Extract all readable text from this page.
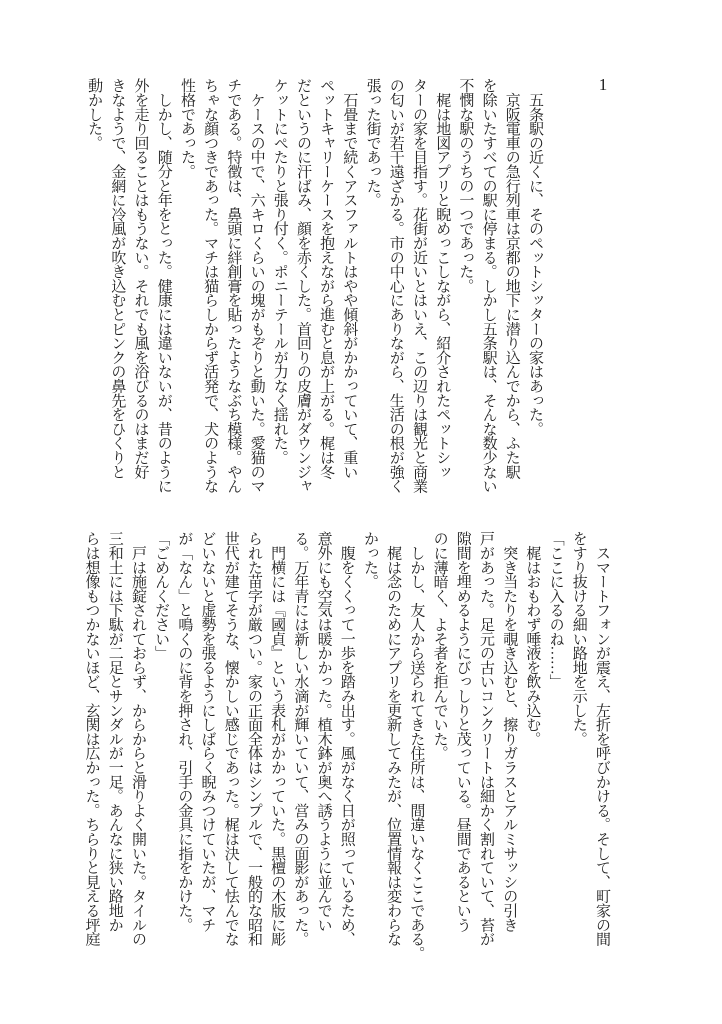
1
　五条駅の近くに、そのペットシッターの家はあった。
　京阪電車の急行列車は京都の地下に潜り込んでから、ふた駅
を除いたすべての駅に停まる。しかし五条駅は、そんな数少ない
不憫な駅のうちの一つであった。
　梶は地図アプリと睨めっこしながら、紹介されたペットシッ
ターの家を目指す。花街が近いとはいえ、この辺りは観光と商業
の匂いが若干遠ざかる。市の中心にありながら、生活の根が強く
張った街であった。
　石畳まで続くアスファルトはやや傾斜がかかっていて、重い
ペットキャリーケースを抱えながら進むと息が上がる。梶は冬
だというのに汗ばみ、顔を赤くした。首回りの皮膚がダウンジャ
ケットにぺたりと張り付く。ポニーテールが力なく揺れた。
　ケースの中で、六キロくらいの塊がもぞりと動いた。愛猫のマ
チである。特徴は、鼻頭に絆創膏を貼ったようなぶち模様。やん
ちゃな顔つきであった。マチは猫らしからず活発で、犬のような
性格であった。
　しかし、随分と年をとった。健康には違いないが、昔のように
外を走り回ることはもうない。それでも風を浴びるのはまだ好
きなようで、金網に冷風が吹き込むとピンクの鼻先をひくりと
動かした。
　スマートフォンが震え、左折を呼びかける。そして、町家の間
をすり抜ける細い路地を示した。
「ここに入るのね……」
　梶はおもわず唾液を飲み込む。
　突き当たりを覗き込むと、擦りガラスとアルミサッシの引き
戸があった。足元の古いコンクリートは細かく割れていて、苔が
隙間を埋めるようにびっしりと茂っている。昼間であるという
のに薄暗く、よそ者を拒んでいた。
　しかし、友人から送られてきた住所は、間違いなくここである。
　梶は念のためにアプリを更新してみたが、位置情報は変わらな
かった。
　腹をくくって一歩を踏み出す。風がなく日が照っているため、
意外にも空気は暖かかった。植木鉢が奥へ誘うように並んでい
る。万年青には新しい水滴が輝いていて、営みの面影があった。
　門横には『國貞』という表札がかかっていた。黒檀の木版に彫
られた苗字が厳つい。家の正面全体はシンプルで、一般的な昭和
世代が建てそうな、懐かしい感じであった。梶は決して怯んでな
どいないと虚勢を張るようにしばらく睨みつけていたが、マチ
が「なん」と鳴くのに背を押され、引手の金具に指をかけた。
「ごめんください」
　戸は施錠されておらず、からからと滑りよく開いた。タイルの
三和土には下駄が二足とサンダルが一足。あんなに狭い路地か
らは想像もつかないほど、玄関は広かった。ちらりと見える坪庭
